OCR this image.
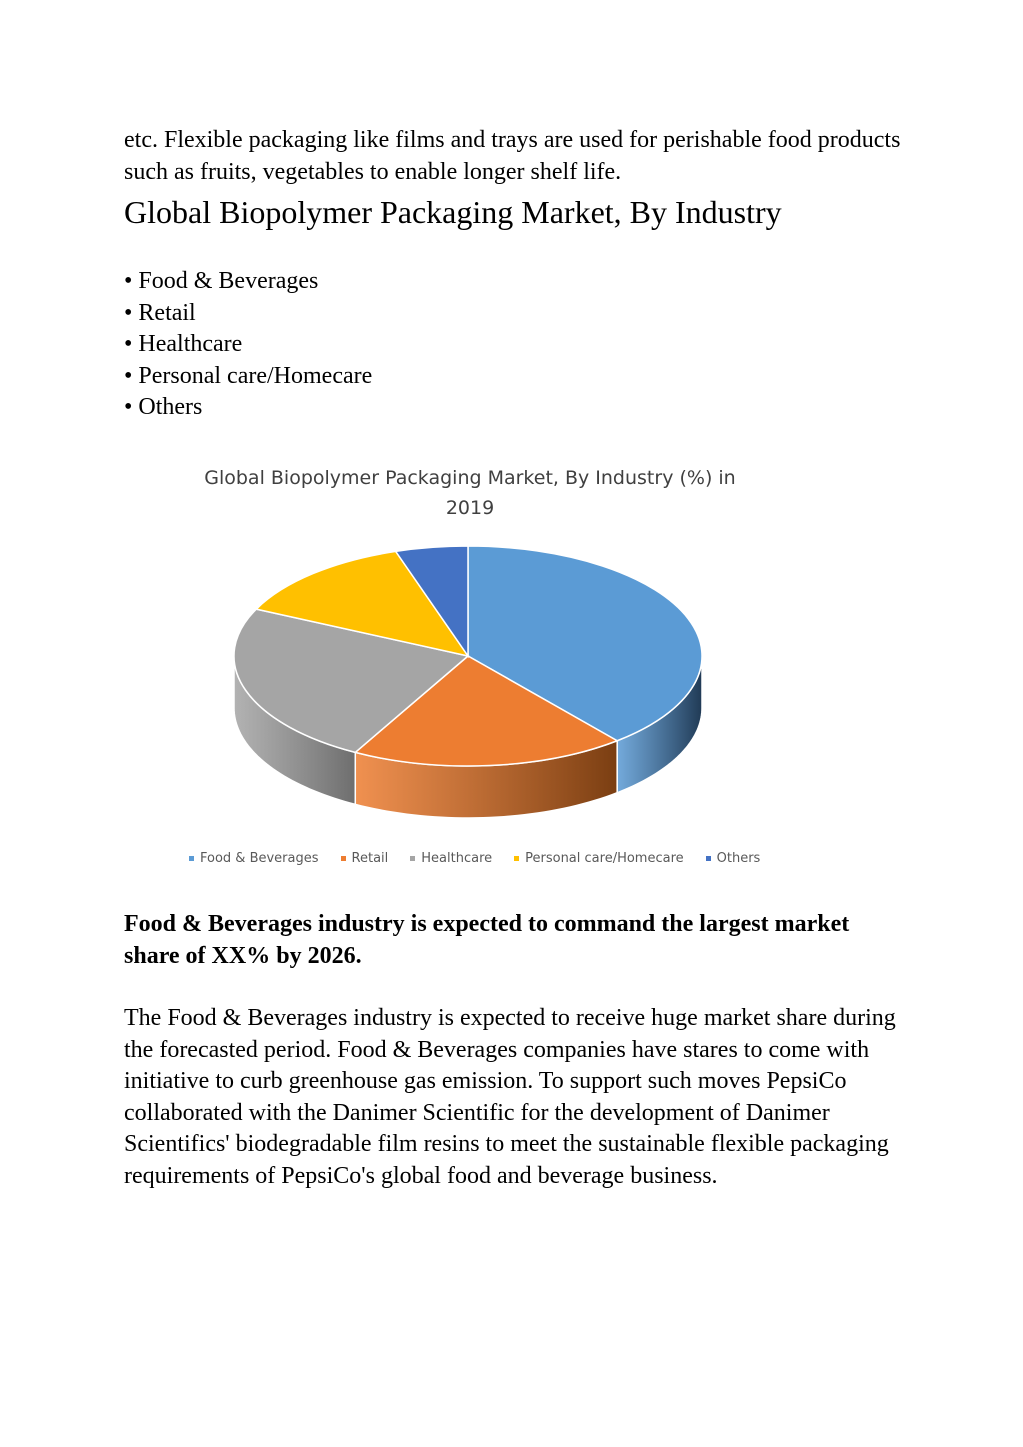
etc. Flexible packaging like films and trays are used for perishable food products such as fruits, vegetables to enable longer shelf life.

Global Biopolymer Packaging Market, By Industry
• Food & Beverages
• Retail
• Healthcare
• Personal care/Homecare
• Others
Global Biopolymer Packaging Market, By Industry (%) in
2019
Food & Beverages	Retail	Healthcare	Personal care/Homecare	Others

Food & Beverages industry is expected to command the largest market share of XX% by 2026.

The Food & Beverages industry is expected to receive huge market share during the forecasted period. Food & Beverages companies have stares to come with initiative to curb greenhouse gas emission. To support such moves PepsiCo collaborated with the Danimer Scientific for the development of Danimer Scientifics' biodegradable film resins to meet the sustainable flexible packaging requirements of PepsiCo's global food and beverage business.
